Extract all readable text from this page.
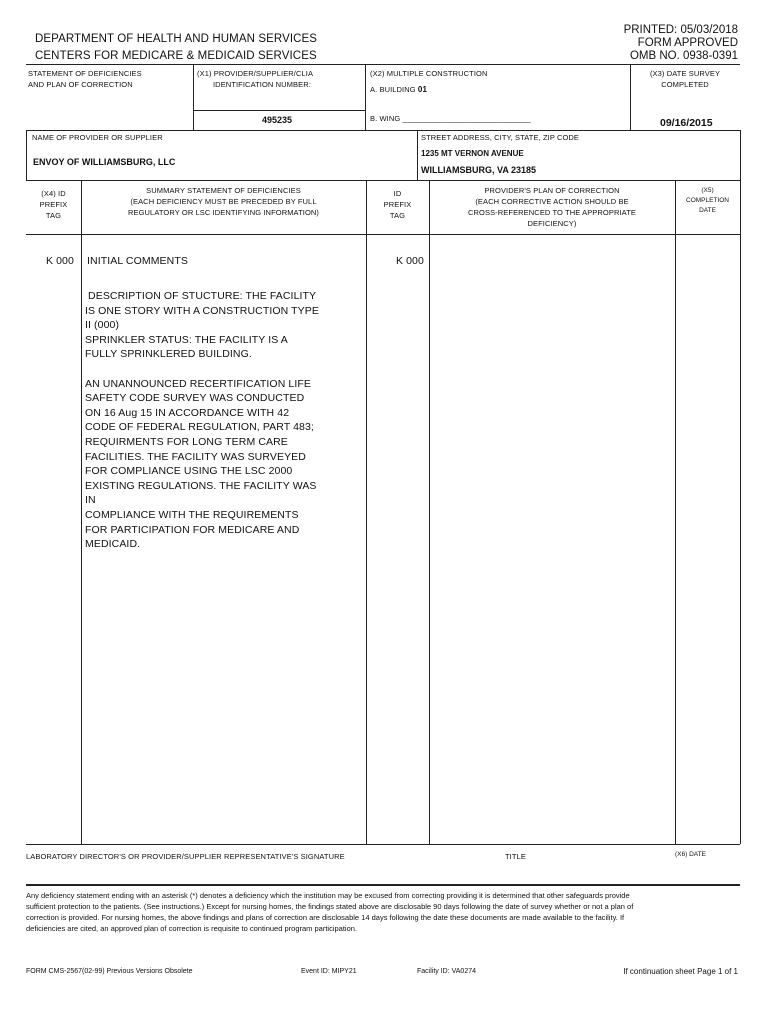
DEPARTMENT OF HEALTH AND HUMAN SERVICES
CENTERS FOR MEDICARE & MEDICAID SERVICES
PRINTED: 05/03/2018
FORM APPROVED
OMB NO. 0938-0391
STATEMENT OF DEFICIENCIES
AND PLAN OF CORRECTION
(X1) PROVIDER/SUPPLIER/CLIA
IDENTIFICATION NUMBER:
495235
(X2) MULTIPLE CONSTRUCTION
A. BUILDING 01
B. WING ______________________________
(X3) DATE SURVEY
COMPLETED
09/16/2015
NAME OF PROVIDER OR SUPPLIER
ENVOY OF WILLIAMSBURG, LLC
STREET ADDRESS, CITY, STATE, ZIP CODE
1235 MT VERNON AVENUE
WILLIAMSBURG, VA 23185
(X4) ID
PREFIX
TAG
SUMMARY STATEMENT OF DEFICIENCIES
(EACH DEFICIENCY MUST BE PRECEDED BY FULL
REGULATORY OR LSC IDENTIFYING INFORMATION)
ID
PREFIX
TAG
PROVIDER'S PLAN OF CORRECTION
(EACH CORRECTIVE ACTION SHOULD BE
CROSS-REFERENCED TO THE APPROPRIATE
DEFICIENCY)
(X5)
COMPLETION
DATE
K 000 INITIAL COMMENTS	K 000

DESCRIPTION OF STUCTURE: THE FACILITY
IS ONE STORY WITH A CONSTRUCTION TYPE
II (000)
SPRINKLER STATUS: THE FACILITY IS A
FULLY SPRINKLERED BUILDING.

AN UNANNOUNCED RECERTIFICATION LIFE
SAFETY CODE SURVEY WAS CONDUCTED
ON 16 Aug 15 IN ACCORDANCE WITH 42
CODE OF FEDERAL REGULATION, PART 483;
REQUIRMENTS FOR LONG TERM CARE
FACILITIES. THE FACILITY WAS SURVEYED
FOR COMPLIANCE USING THE LSC 2000
EXISTING REGULATIONS. THE FACILITY WAS
IN
COMPLIANCE WITH THE REQUIREMENTS
FOR PARTICIPATION FOR MEDICARE AND
MEDICAID.

LABORATORY DIRECTOR'S OR PROVIDER/SUPPLIER REPRESENTATIVE'S SIGNATURE	TITLE	(X6) DATE
Any deficiency statement ending with an asterisk (*) denotes a deficiency which the institution may be excused from correcting providing it is determined that other safeguards provide sufficient protection to the patients. (See instructions.) Except for nursing homes, the findings stated above are disclosable 90 days following the date of survey whether or not a plan of correction is provided. For nursing homes, the above findings and plans of correction are disclosable 14 days following the date these documents are made available to the facility. If deficiencies are cited, an approved plan of correction is requisite to continued program participation.
FORM CMS-2567(02-99) Previous Versions Obsolete	Event ID: MIPY21	Facility ID: VA0274	If continuation sheet Page 1 of 1
